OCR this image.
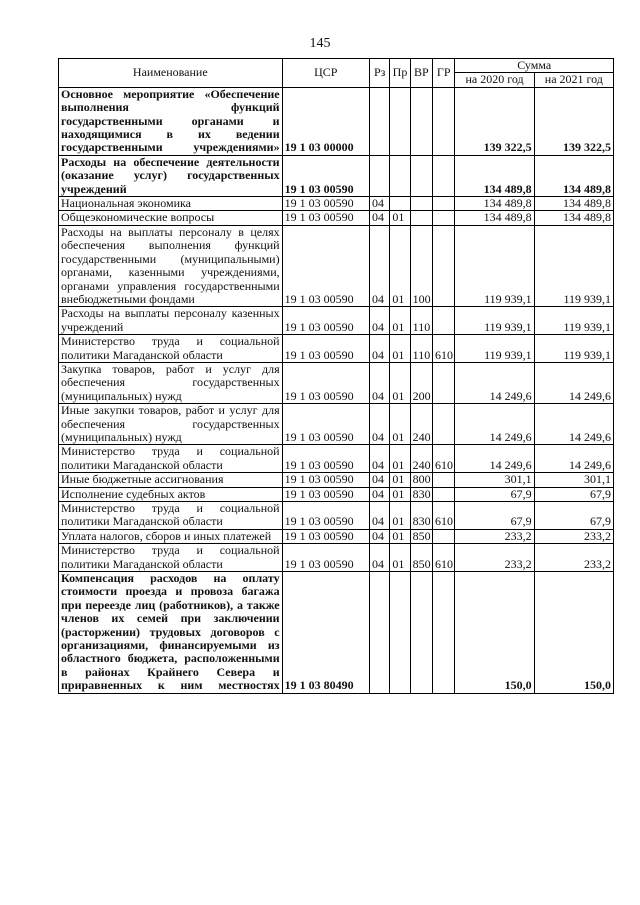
145
Наименование	ЦСР	Рз	Пр	ВР	ГР	Сумма	
						на 2020 год	на 2021 год
Основное мероприятие «Обеспечение выполнения функций государственными органами и находящимися в их ведении государственными учреждениями»	19 1 03 00000					139 322,5	139 322,5
Расходы на обеспечение деятельности (оказание услуг) государственных учреждений	19 1 03 00590					134 489,8	134 489,8
Национальная экономика	19 1 03 00590	04				134 489,8	134 489,8
Общеэкономические вопросы	19 1 03 00590	04	01			134 489,8	134 489,8
Расходы на выплаты персоналу в целях обеспечения выполнения функций государственными (муниципальными) органами, казенными учреждениями, органами управления государственными внебюджетными фондами	19 1 03 00590	04	01	100		119 939,1	119 939,1
Расходы на выплаты персоналу казенных учреждений	19 1 03 00590	04	01	110		119 939,1	119 939,1
Министерство труда и социальной политики Магаданской области	19 1 03 00590	04	01	110	610	119 939,1	119 939,1
Закупка товаров, работ и услуг для обеспечения государственных (муниципальных) нужд	19 1 03 00590	04	01	200		14 249,6	14 249,6
Иные закупки товаров, работ и услуг для обеспечения государственных (муниципальных) нужд	19 1 03 00590	04	01	240		14 249,6	14 249,6
Министерство труда и социальной политики Магаданской области	19 1 03 00590	04	01	240	610	14 249,6	14 249,6
Иные бюджетные ассигнования	19 1 03 00590	04	01	800		301,1	301,1
Исполнение судебных актов	19 1 03 00590	04	01	830		67,9	67,9
Министерство труда и социальной политики Магаданской области	19 1 03 00590	04	01	830	610	67,9	67,9
Уплата налогов, сборов и иных платежей	19 1 03 00590	04	01	850		233,2	233,2
Министерство труда и социальной политики Магаданской области	19 1 03 00590	04	01	850	610	233,2	233,2
Компенсация расходов на оплату стоимости проезда и провоза багажа при переезде лиц (работников), а также членов их семей при заключении (расторжении) трудовых договоров с организациями, финансируемыми из областного бюджета, расположенными в районах Крайнего Севера и приравненных к ним местностях	19 1 03 80490					150,0	150,0
